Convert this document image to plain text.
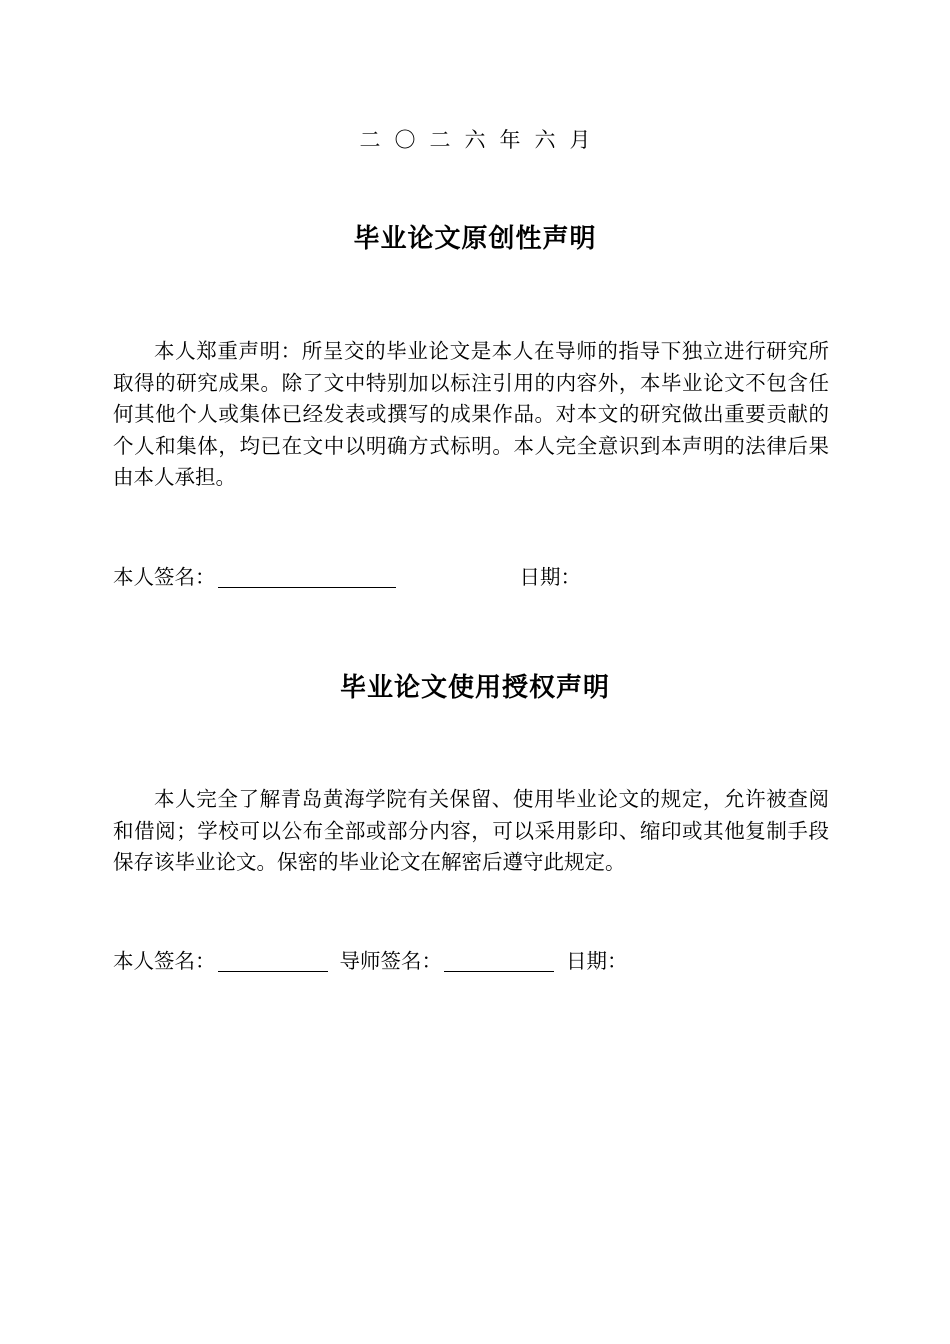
二〇二六年六月
毕业论文原创性声明

本人郑重声明：所呈交的毕业论文是本人在导师的指导下独立进行研究所取得的研究成果。除了文中特别加以标注引用的内容外，本毕业论文不包含任何其他个人或集体已经发表或撰写的成果作品。对本文的研究做出重要贡献的个人和集体，均已在文中以明确方式标明。本人完全意识到本声明的法律后果由本人承担。

本人签名：	日期：
毕业论文使用授权声明

本人完全了解青岛黄海学院有关保留、使用毕业论文的规定，允许被查阅和借阅；学校可以公布全部或部分内容，可以采用影印、缩印或其他复制手段保存该毕业论文。保密的毕业论文在解密后遵守此规定。

本人签名：	导师签名：	日期：
